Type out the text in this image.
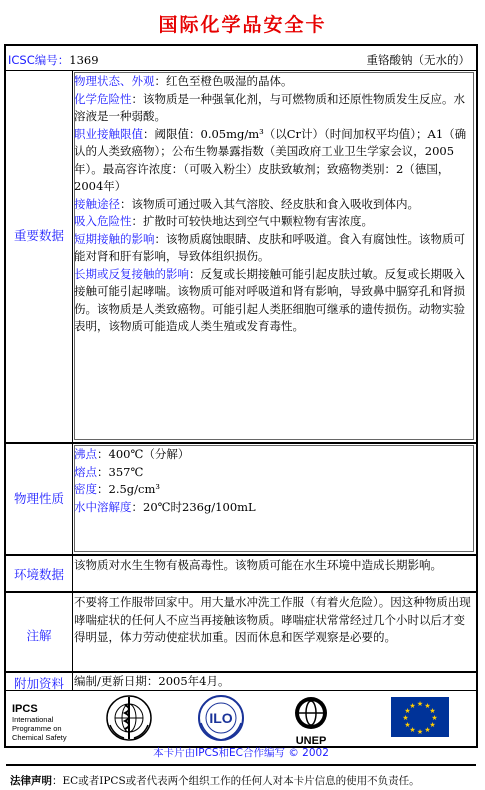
国际化学品安全卡
ICSC编号：1369	重铬酸钠（无水的）
重要数据

物理状态、外观：红色至橙色吸湿的晶体。

化学危险性：该物质是一种强氧化剂，与可燃物质和还原性物质发生反应。水溶液是一种弱酸。

职业接触限值：阈限值：0.05mg/m³（以Cr计）（时间加权平均值）；A1（确认的人类致癌物）；公布生物暴露指数（美国政府工业卫生学家会议，2005年）。最高容许浓度：（可吸入粉尘）皮肤致敏剂；致癌物类别：2（德国，2004年）

接触途径：该物质可通过吸入其气溶胶、经皮肤和食入吸收到体内。

吸入危险性：扩散时可较快地达到空气中颗粒物有害浓度。

短期接触的影响：该物质腐蚀眼睛、皮肤和呼吸道。食入有腐蚀性。该物质可能对肾和肝有影响，导致体组织损伤。

长期或反复接触的影响：反复或长期接触可能引起皮肤过敏。反复或长期吸入接触可能引起哮喘。该物质可能对呼吸道和肾有影响，导致鼻中膈穿孔和肾损伤。该物质是人类致癌物。可能引起人类胚细胞可继承的遗传损伤。动物实验表明，该物质可能造成人类生殖或发育毒性。

物理性质

沸点：400℃（分解）

熔点：357℃

密度：2.5g/cm³

水中溶解度：20℃时236g/100mL

环境数据
该物质对水生生物有极高毒性。该物质可能在水生环境中造成长期影响。
注解
不要将工作服带回家中。用大量水冲洗工作服（有着火危险）。因这种物质出现哮喘症状的任何人不应当再接触该物质。哮喘症状常常经过几个小时以后才变得明显，体力劳动使症状加重。因而休息和医学观察是必要的。
附加资料 编制/更新日期：2005年4月。
IPCS
International
Programme on
Chemical Safety
ILO
UNEP
★ ★
★
★
★
★
★
★
★
★
★
★
本卡片由IPCS和EC合作编写 © 2002
法律声明：EC或者IPCS或者代表两个组织工作的任何人对本卡片信息的使用不负责任。
